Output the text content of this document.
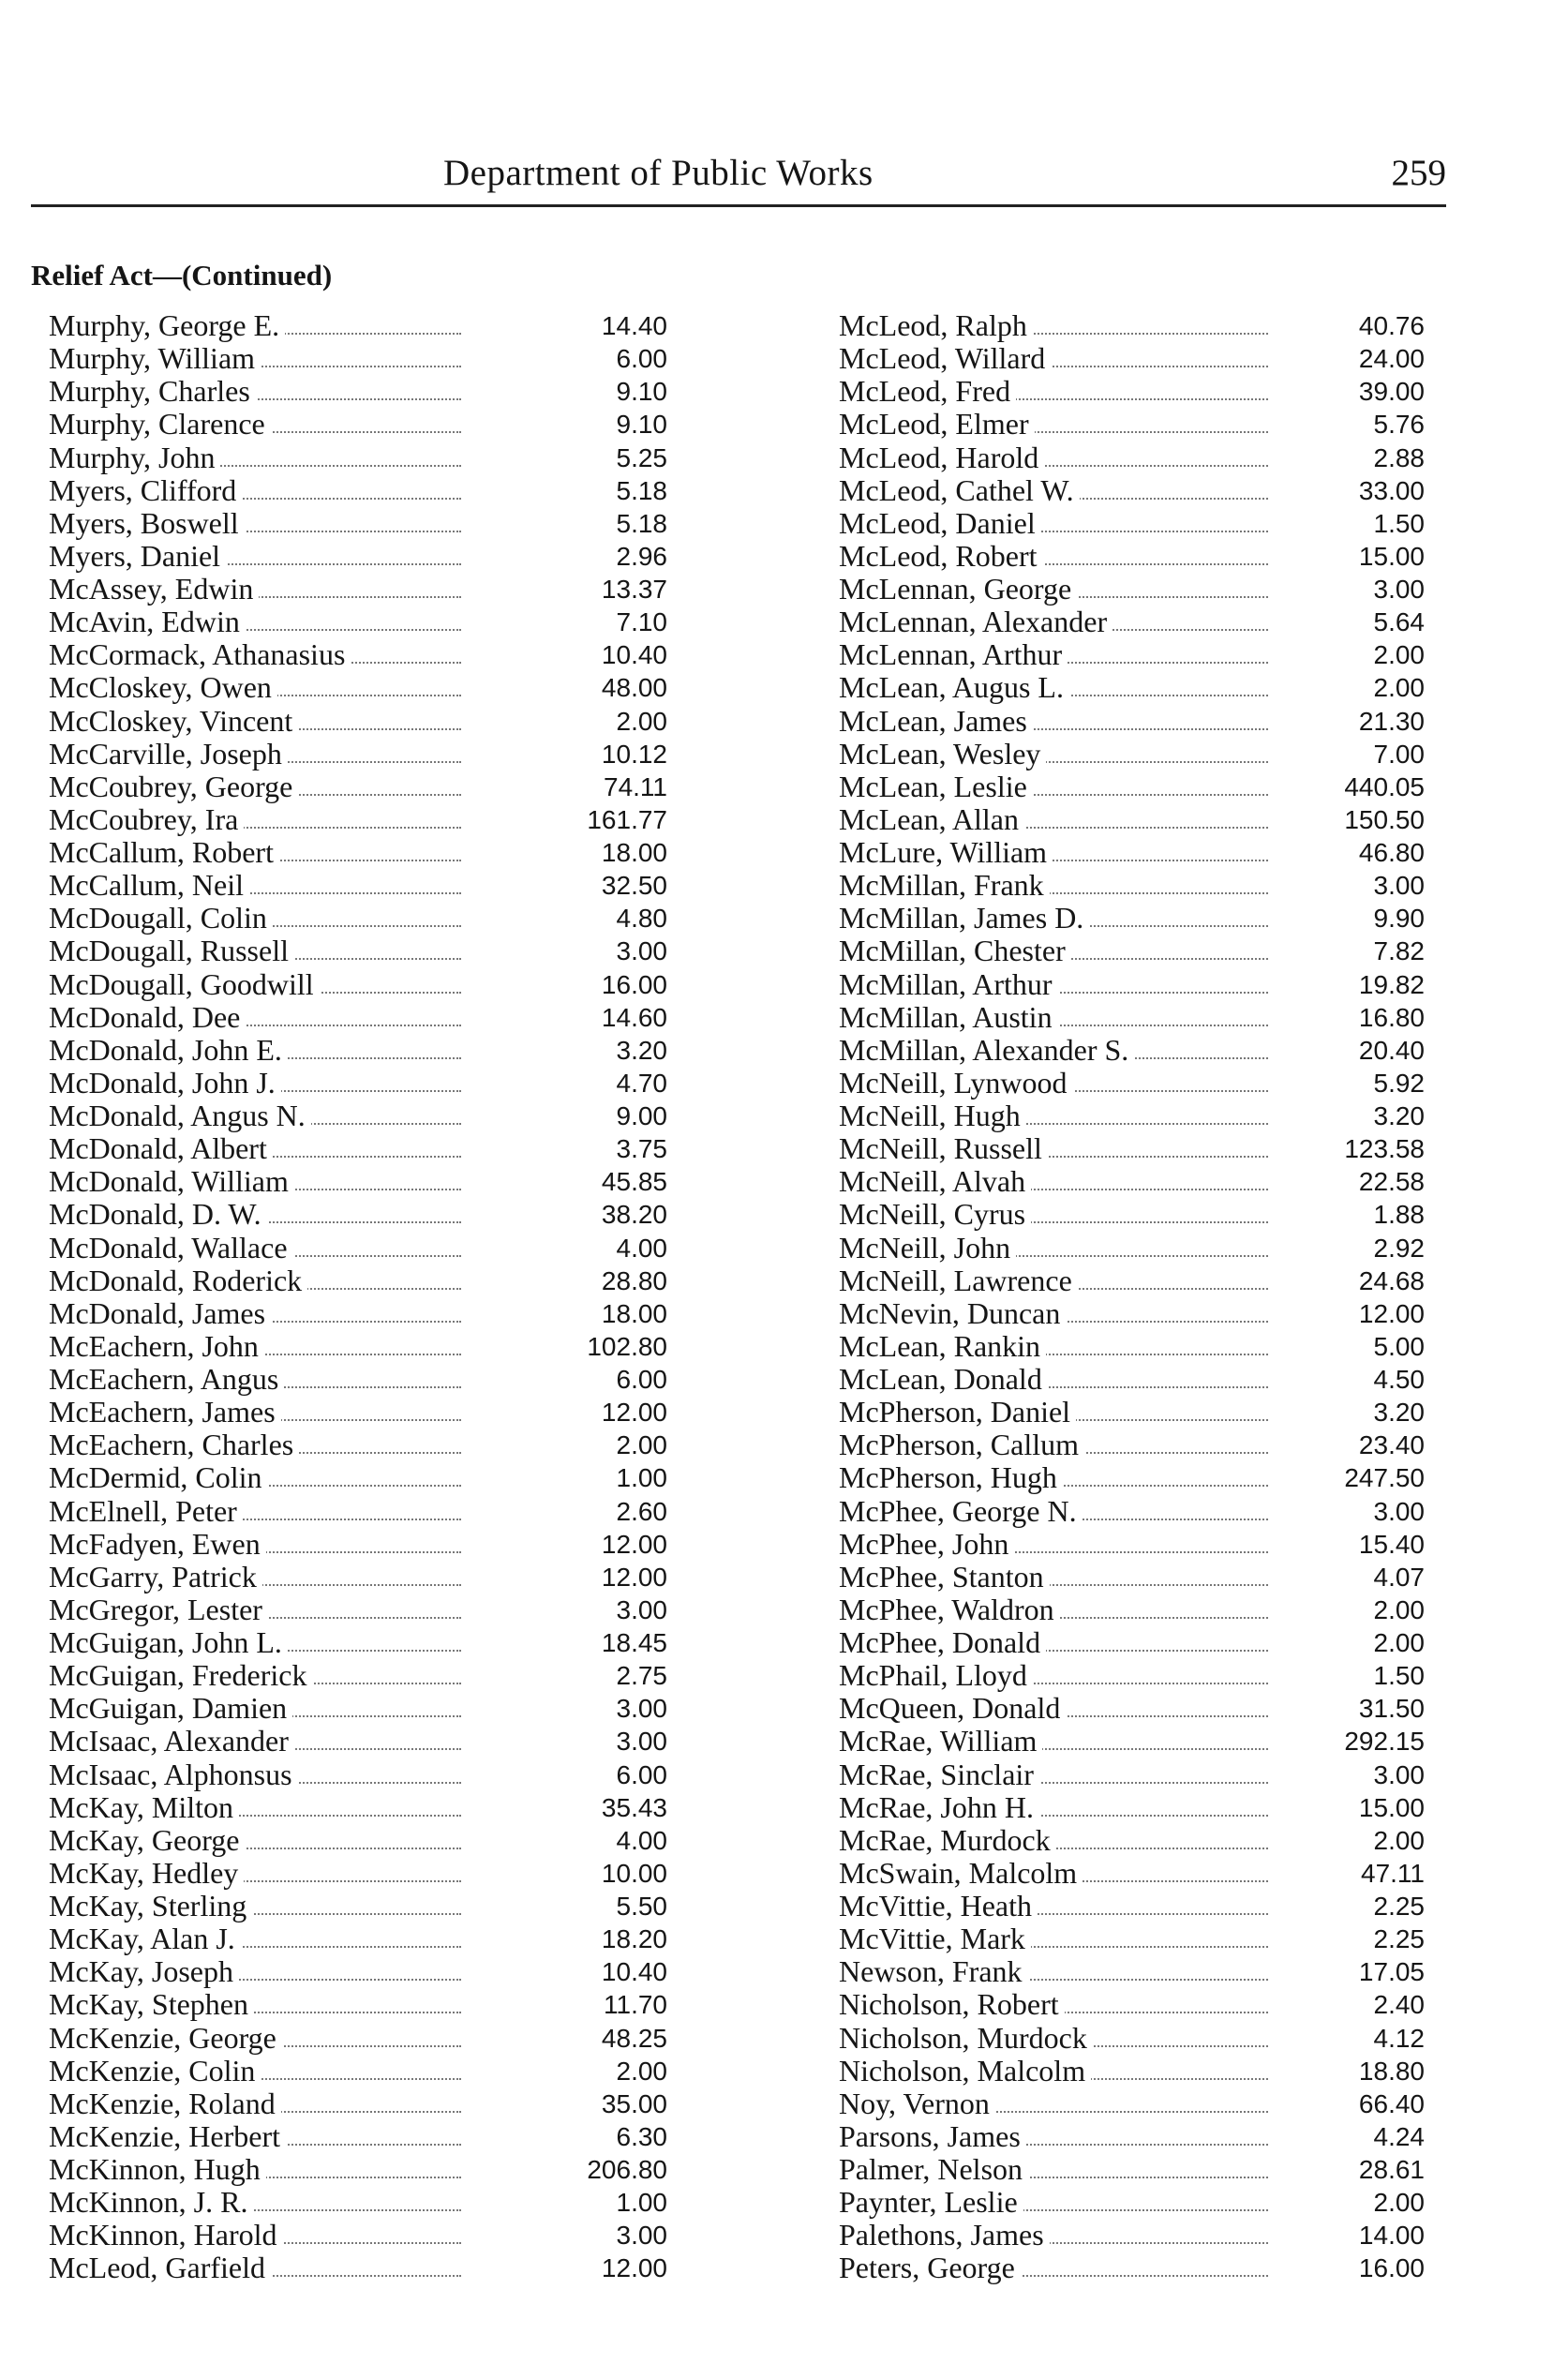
Department of Public Works	259
Relief Act—(Continued)
Murphy, George E.	14.40
Murphy, William	6.00
Murphy, Charles	9.10
Murphy, Clarence	9.10
Murphy, John	5.25
Myers, Clifford	5.18
Myers, Boswell	5.18
Myers, Daniel	2.96
McAssey, Edwin	13.37
McAvin, Edwin	7.10
McCormack, Athanasius	10.40
McCloskey, Owen	48.00
McCloskey, Vincent	2.00
McCarville, Joseph	10.12
McCoubrey, George	74.11
McCoubrey, Ira	161.77
McCallum, Robert	18.00
McCallum, Neil	32.50
McDougall, Colin	4.80
McDougall, Russell	3.00
McDougall, Goodwill	16.00
McDonald, Dee	14.60
McDonald, John E.	3.20
McDonald, John J.	4.70
McDonald, Angus N.	9.00
McDonald, Albert	3.75
McDonald, William	45.85
McDonald, D. W.	38.20
McDonald, Wallace	4.00
McDonald, Roderick	28.80
McDonald, James	18.00
McEachern, John	102.80
McEachern, Angus	6.00
McEachern, James	12.00
McEachern, Charles	2.00
McDermid, Colin	1.00
McElnell, Peter	2.60
McFadyen, Ewen	12.00
McGarry, Patrick	12.00
McGregor, Lester	3.00
McGuigan, John L.	18.45
McGuigan, Frederick	2.75
McGuigan, Damien	3.00
McIsaac, Alexander	3.00
McIsaac, Alphonsus	6.00
McKay, Milton	35.43
McKay, George	4.00
McKay, Hedley	10.00
McKay, Sterling	5.50
McKay, Alan J.	18.20
McKay, Joseph	10.40
McKay, Stephen	11.70
McKenzie, George	48.25
McKenzie, Colin	2.00
McKenzie, Roland	35.00
McKenzie, Herbert	6.30
McKinnon, Hugh	206.80
McKinnon, J. R.	1.00
McKinnon, Harold	3.00
McLeod, Garfield	12.00
McLeod, Ralph	40.76
McLeod, Willard	24.00
McLeod, Fred	39.00
McLeod, Elmer	5.76
McLeod, Harold	2.88
McLeod, Cathel W.	33.00
McLeod, Daniel	1.50
McLeod, Robert	15.00
McLennan, George	3.00
McLennan, Alexander	5.64
McLennan, Arthur	2.00
McLean, Augus L.	2.00
McLean, James	21.30
McLean, Wesley	7.00
McLean, Leslie	440.05
McLean, Allan	150.50
McLure, William	46.80
McMillan, Frank	3.00
McMillan, James D.	9.90
McMillan, Chester	7.82
McMillan, Arthur	19.82
McMillan, Austin	16.80
McMillan, Alexander S.	20.40
McNeill, Lynwood	5.92
McNeill, Hugh	3.20
McNeill, Russell	123.58
McNeill, Alvah	22.58
McNeill, Cyrus	1.88
McNeill, John	2.92
McNeill, Lawrence	24.68
McNevin, Duncan	12.00
McLean, Rankin	5.00
McLean, Donald	4.50
McPherson, Daniel	3.20
McPherson, Callum	23.40
McPherson, Hugh	247.50
McPhee, George N.	3.00
McPhee, John	15.40
McPhee, Stanton	4.07
McPhee, Waldron	2.00
McPhee, Donald	2.00
McPhail, Lloyd	1.50
McQueen, Donald	31.50
McRae, William	292.15
McRae, Sinclair	3.00
McRae, John H.	15.00
McRae, Murdock	2.00
McSwain, Malcolm	47.11
McVittie, Heath	2.25
McVittie, Mark	2.25
Newson, Frank	17.05
Nicholson, Robert	2.40
Nicholson, Murdock	4.12
Nicholson, Malcolm	18.80
Noy, Vernon	66.40
Parsons, James	4.24
Palmer, Nelson	28.61
Paynter, Leslie	2.00
Palethons, James	14.00
Peters, George	16.00
